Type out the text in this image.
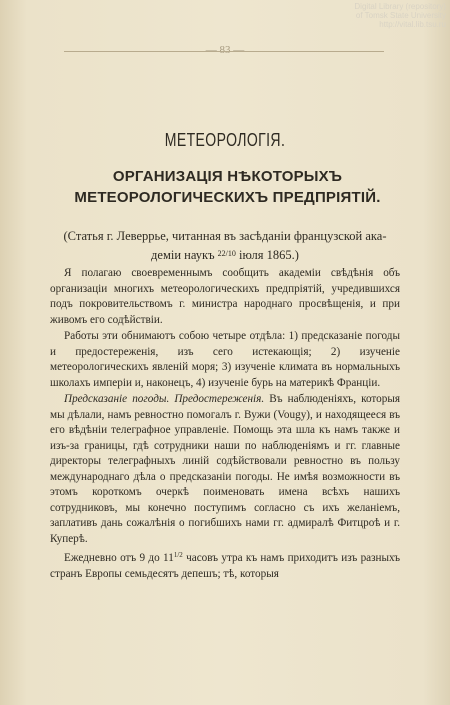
Digital Library (repository)
of Tomsk State University
http://vital.lib.tsu.ru
— 83 —
МЕТЕОРОЛОГІЯ.
ОРГАНИЗАЦІЯ НѢКОТОРЫХЪ МЕТЕОРОЛОГИЧЕСКИХЪ ПРЕДПРІЯТІЙ.
(Статья г. Леверрье, читанная въ засѣданіи французской ака-
деміи наукъ $^{22/10}$ іюля 1865.)

Я полагаю своевременнымъ сообщить академіи свѣдѣнія объ организаціи многихъ метеорологическихъ предпріятій, учредившихся подъ покровительствомъ г. министра народнаго просвѣщенія, и при живомъ его содѣйствіи.

Работы эти обнимаютъ собою четыре отдѣла: 1) предсказаніе погоды и предостереженія, изъ сего истекающія; 2) изученіе метеорологическихъ явленій моря; 3) изученіе климата въ нормальныхъ школахъ имперіи и, наконецъ, 4) изученіе бурь на материкѣ Франціи.

Предсказаніе погоды. Предостереженія. Въ наблюденіяхъ, которыя мы дѣлали, намъ ревностно помогалъ г. Вужи (Vougy), и находящееся въ его вѣдѣніи телеграфное управленіе. Помощь эта шла къ намъ также и изъ-за границы, гдѣ сотрудники наши по наблюденіямъ и гг. главные директоры телеграфныхъ линій содѣйствовали ревностно въ пользу международнаго дѣла о предсказаніи погоды. Не имѣя возможности въ этомъ короткомъ очеркѣ поименовать имена всѣхъ нашихъ сотрудниковъ, мы конечно поступимъ согласно съ ихъ желаніемъ, заплативъ дань сожалѣнія о погибшихъ нами гг. адмиралѣ Фитцроѣ и г. Куперѣ.

Ежедневно отъ 9 до $11^{1/2}$ часовъ утра къ намъ приходитъ изъ разныхъ странъ Европы семьдесятъ депешъ; тѣ, которыя
